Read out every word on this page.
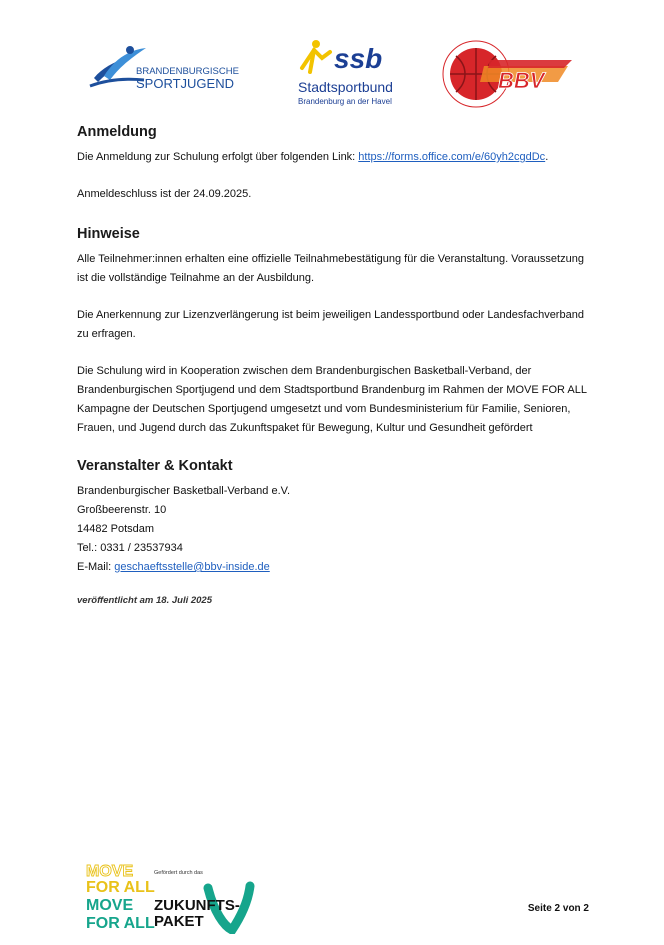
BRANDENBURGISCHE
SPORTJUGEND
ssb
Stadtsportbund
Brandenburg an der Havel
BBV
Anmeldung

Die Anmeldung zur Schulung erfolgt über folgenden Link: https://forms.office.com/e/60yh2cgdDc.

Anmeldeschluss ist der 24.09.2025.

Hinweise

Alle Teilnehmer:innen erhalten eine offizielle Teilnahmebestätigung für die Veranstaltung. Voraussetzung ist die vollständige Teilnahme an der Ausbildung.

Die Anerkennung zur Lizenzverlängerung ist beim jeweiligen Landessportbund oder Landesfachverband zu erfragen.

Die Schulung wird in Kooperation zwischen dem Brandenburgischen Basketball-Verband, der Brandenburgischen Sportjugend und dem Stadtsportbund Brandenburg im Rahmen der MOVE FOR ALL Kampagne der Deutschen Sportjugend umgesetzt und vom Bundesministerium für Familie, Senioren, Frauen, und Jugend durch das Zukunftspaket für Bewegung, Kultur und Gesundheit gefördert

Veranstalter & Kontakt

Brandenburgischer Basketball-Verband e.V.

Großbeerenstr. 10

14482 Potsdam

Tel.: 0331 / 23537934

E-Mail: geschaeftsstelle@bbv-inside.de

veröffentlicht am 18. Juli 2025

MOVE
FOR ALL
MOVE
FOR ALL
Gefördert durch das
ZUKUNFTS-
PAKET
Seite 2 von 2
